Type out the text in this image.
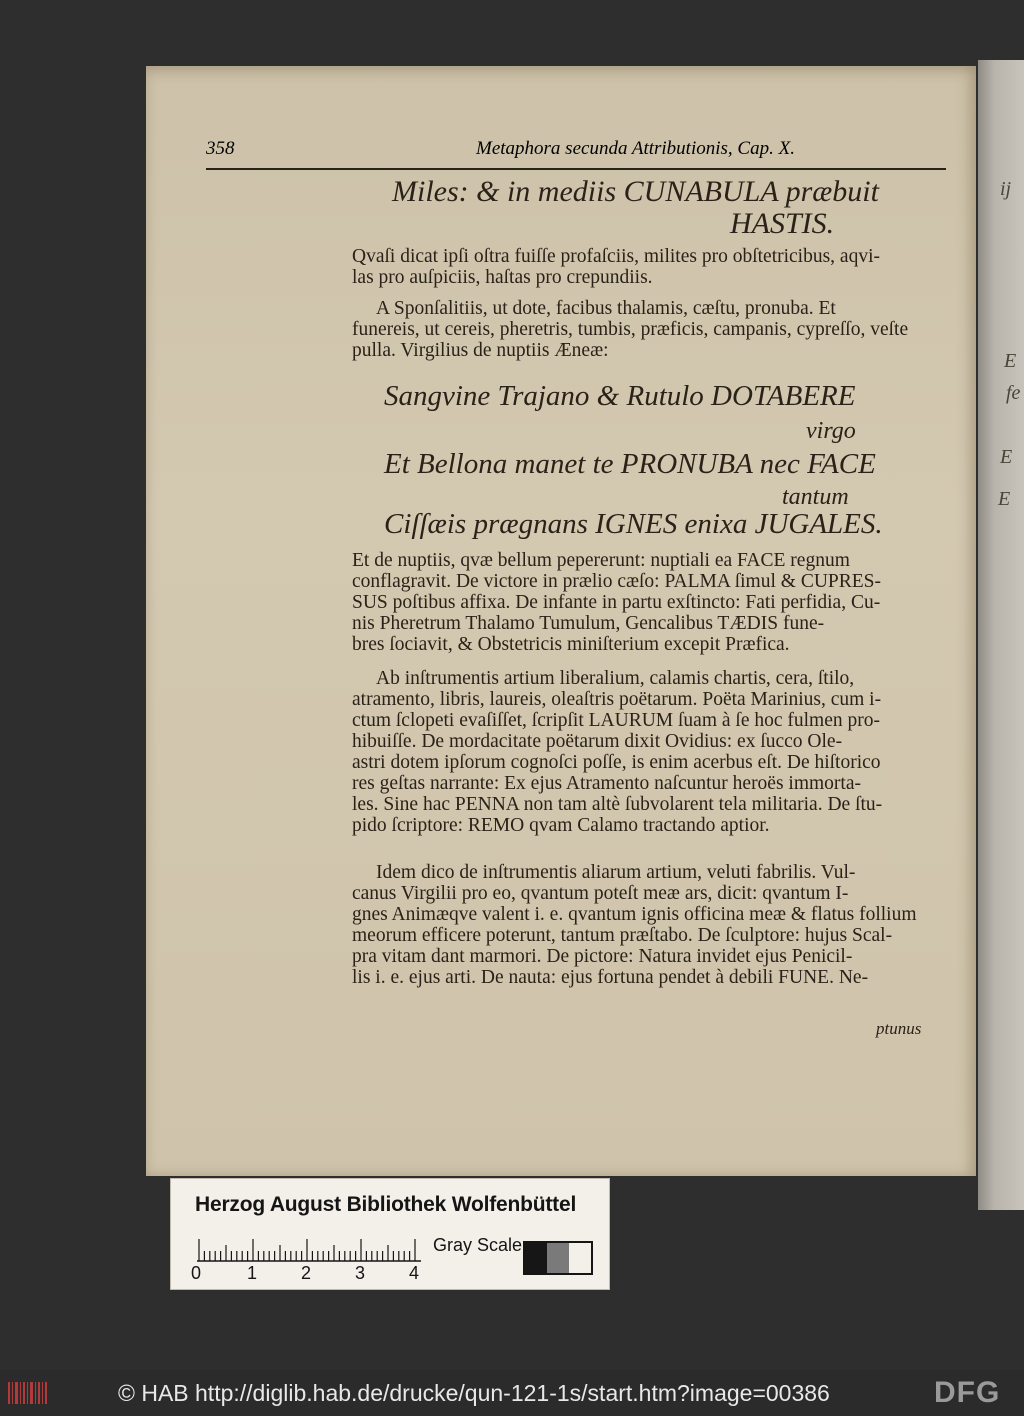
ij
E
fe
E
E
358	Metaphora secunda Attributionis, Cap. X.
Miles: & in mediis CUNABULA præbuit
HASTIS.
Qvaſi dicat ipſi oſtra fuiſſe profaſciis, milites pro obſtetricibus, aqvi-
las pro auſpiciis, haſtas pro crepundiis.
A Sponſalitiis, ut dote, facibus thalamis, cæſtu, pronuba. Et
funereis, ut cereis, pheretris, tumbis, præficis, campanis, cypreſſo, veſte
pulla. Virgilius de nuptiis Æneæ:
Sangvine Trajano & Rutulo DOTABERE
virgo
Et Bellona manet te PRONUBA nec FACE
tantum
Ciſſæis prægnans IGNES enixa JUGALES.
Et de nuptiis, qvæ bellum pepererunt: nuptiali ea FACE regnum
conflagravit. De victore in prælio cæſo: PALMA ſimul & CUPRES-
SUS poſtibus affixa. De infante in partu exſtincto: Fati perfidia, Cu-
nis Pheretrum Thalamo Tumulum, Gencalibus TÆDIS fune-
bres ſociavit, & Obstetricis miniſterium excepit Præfica.
Ab inſtrumentis artium liberalium, calamis chartis, cera, ſtilo,
atramento, libris, laureis, oleaſtris poëtarum. Poëta Marinius, cum i-
ctum ſclopeti evaſiſſet, ſcripſit LAURUM ſuam à ſe hoc fulmen pro-
hibuiſſe. De mordacitate poëtarum dixit Ovidius: ex ſucco Ole-
astri dotem ipſorum cognoſci poſſe, is enim acerbus eſt. De hiſtorico
res geſtas narrante: Ex ejus Atramento naſcuntur heroës immorta-
les. Sine hac PENNA non tam altè ſubvolarent tela militaria. De ſtu-
pido ſcriptore: REMO qvam Calamo tractando aptior.
Idem dico de inſtrumentis aliarum artium, veluti fabrilis. Vul-
canus Virgilii pro eo, qvantum poteſt meæ ars, dicit: qvantum I-
gnes Animæqve valent i. e. qvantum ignis officina meæ & flatus follium
meorum efficere poterunt, tantum præſtabo. De ſculptore: hujus Scal-
pra vitam dant marmori. De pictore: Natura invidet ejus Penicil-
lis i. e. ejus arti. De nauta: ejus fortuna pendet à debili FUNE. Ne-
ptunus
Herzog August Bibliothek Wolfenbüttel
0	1 2 3 4
Gray Scale
© HAB http://diglib.hab.de/drucke/qun-121-1s/start.htm?image=00386	DFG
